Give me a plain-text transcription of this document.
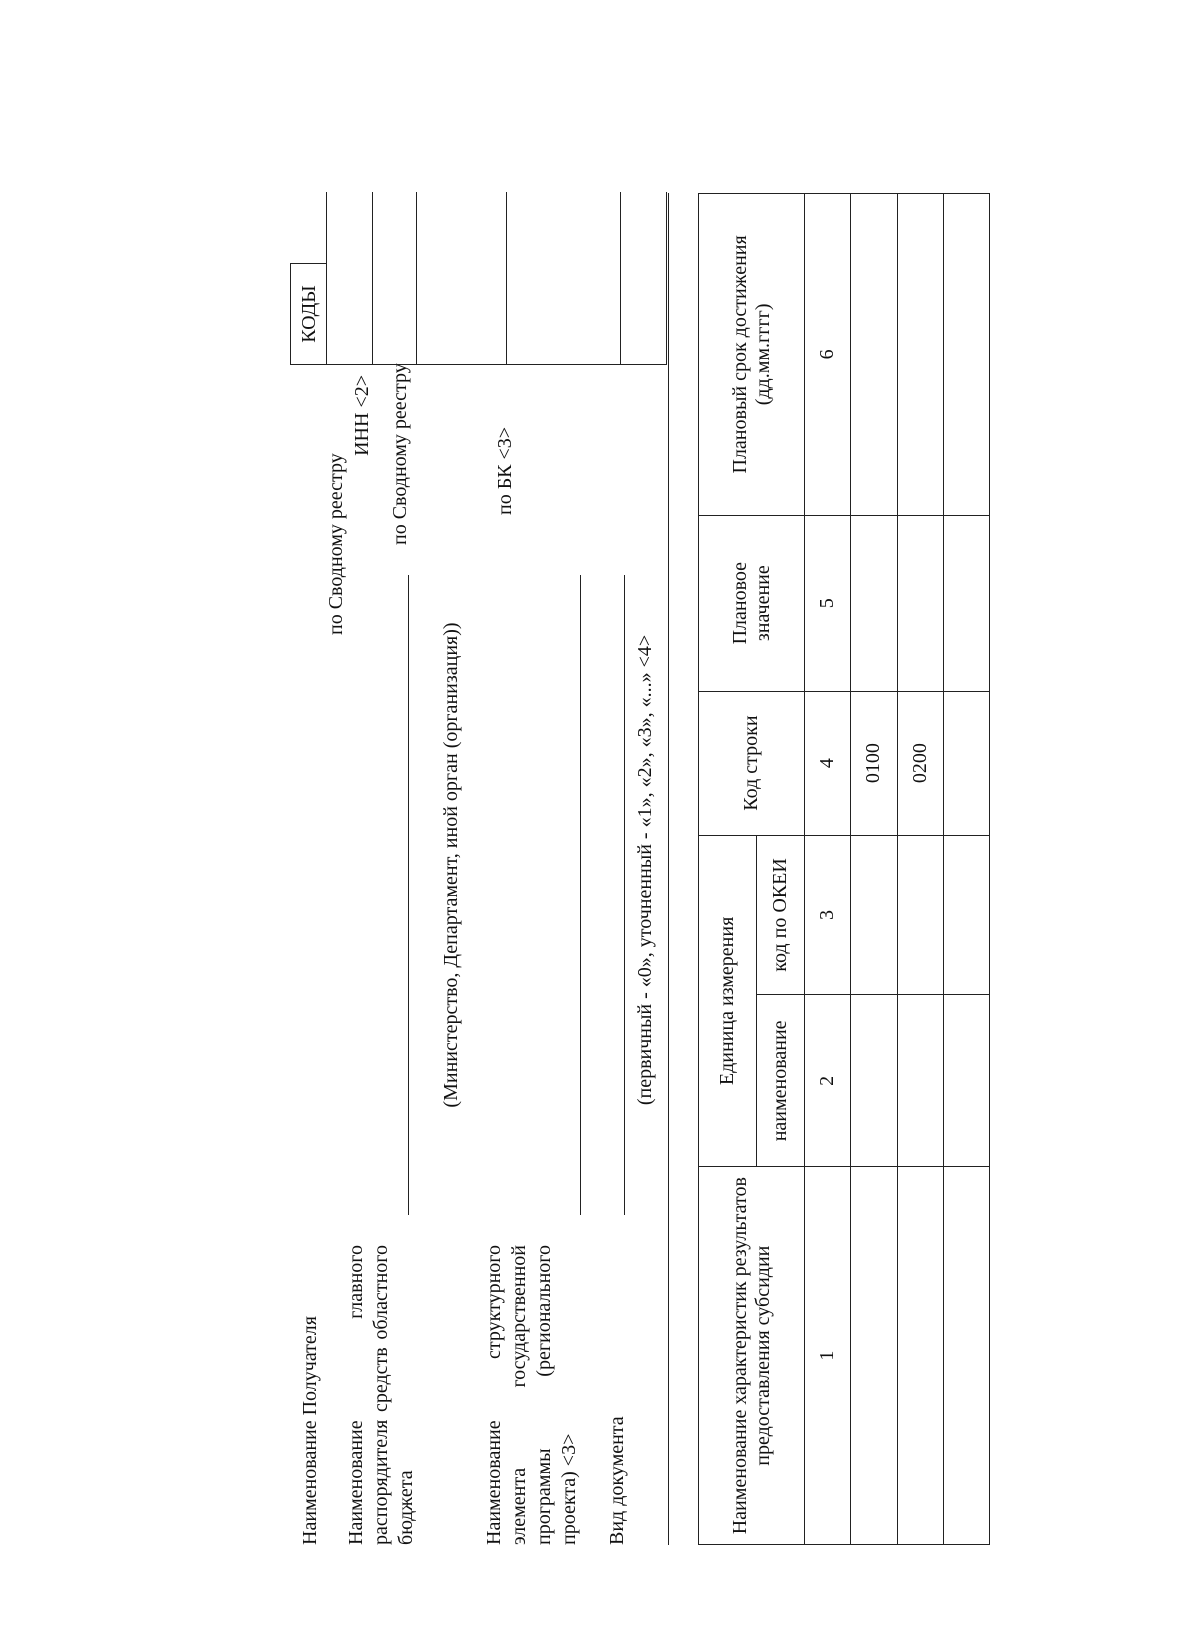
Наименование Получателя
по Сводному реестру
ИНН <2>
Наименование главного распорядителя средств областного бюджета
по Сводному реестру
(Министерство, Департамент, иной орган (организация))
Наименование структурного элемента государственной программы (регионального проекта) <3>
по БК <3>
Вид документа
(первичный - «0», уточненный - «1», «2», «3», «...» <4>
КОДЫ
Наименование характеристик результатов предоставления субсидии	Единица измерения		Код строки	Плановое значение	Плановый срок достижения (дд.мм.гггг)
	наименование	код по ОКЕИ			
1	2	3	4	5	6
			0100		
			0200		
